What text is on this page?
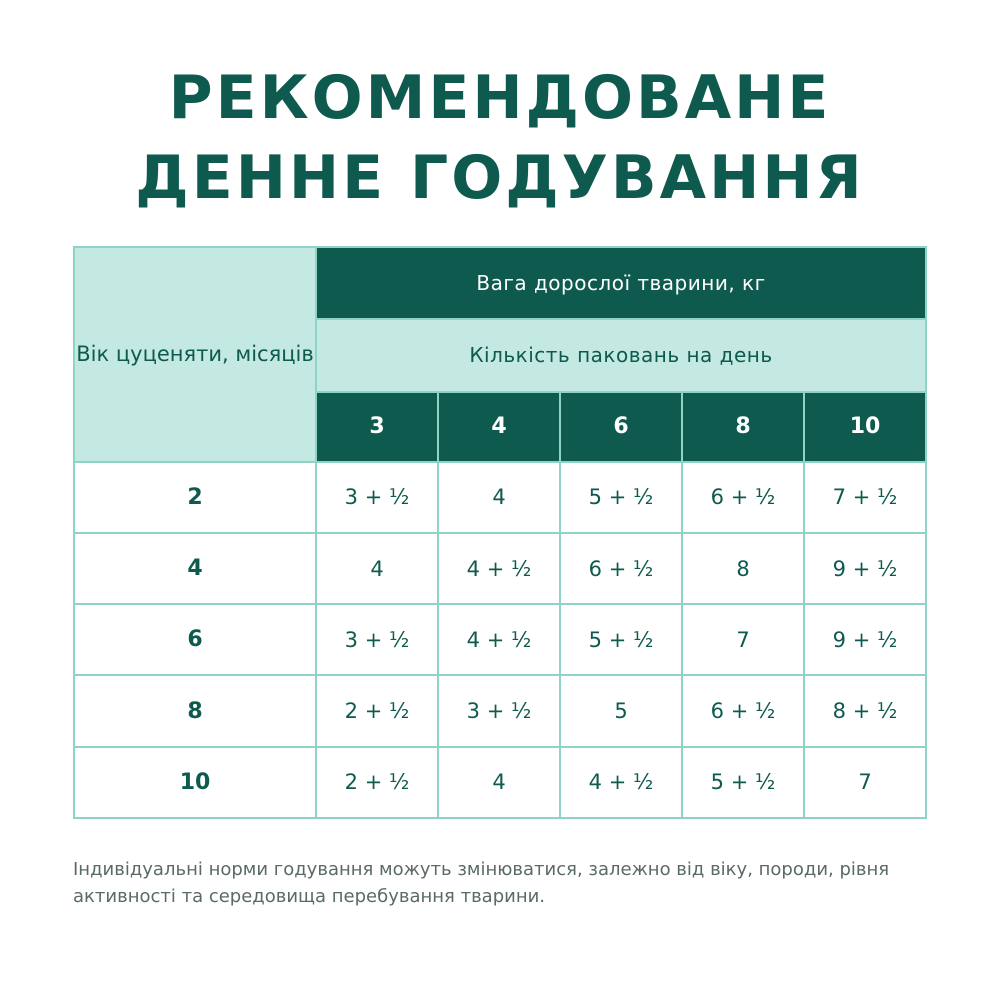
РЕКОМЕНДОВАНЕ
ДЕННЕ ГОДУВАННЯ
Вік цуценяти, місяців	Вага дорослої тварини, кг				
	Кількість паковань на день				
	3	4	6	8	10
2	3 + ½	4	5 + ½	6 + ½	7 + ½
4	4	4 + ½	6 + ½	8	9 + ½
6	3 + ½	4 + ½	5 + ½	7	9 + ½
8	2 + ½	3 + ½	5	6 + ½	8 + ½
10	2 + ½	4	4 + ½	5 + ½	7
Індивідуальні норми годування можуть змінюватися, залежно від віку, породи, рівня активності та середовища перебування тварини.
